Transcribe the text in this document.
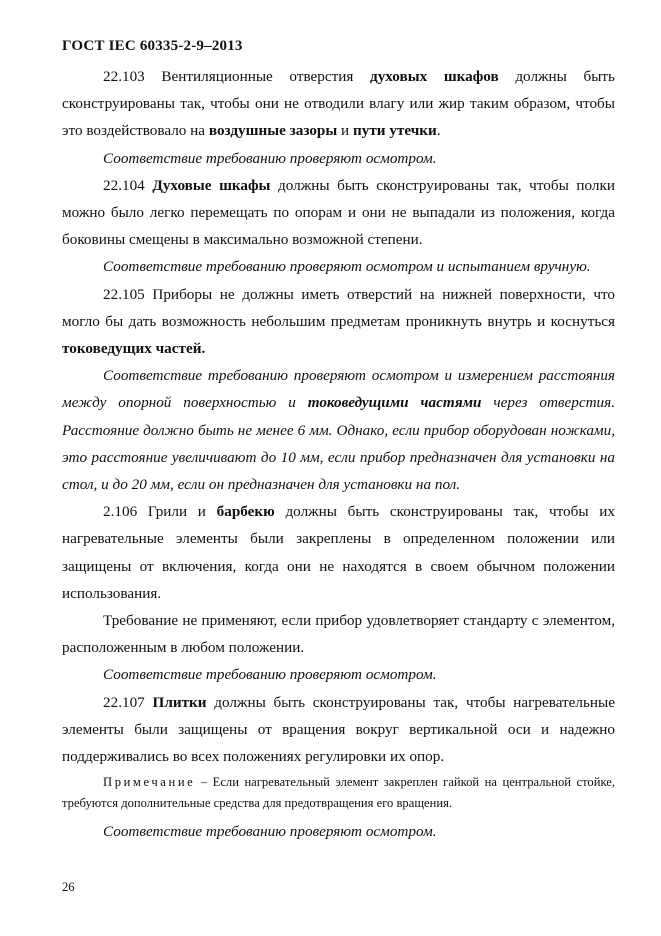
ГОСТ IEC 60335-2-9–2013

22.103 Вентиляционные отверстия духовых шкафов должны быть сконструированы так, чтобы они не отводили влагу или жир таким образом, чтобы это воздействовало на воздушные зазоры и пути утечки.

Соответствие требованию проверяют осмотром.

22.104 Духовые шкафы должны быть сконструированы так, чтобы полки можно было легко перемещать по опорам и они не выпадали из положения, когда боковины смещены в максимально возможной степени.

Соответствие требованию проверяют осмотром и испытанием вручную.

22.105 Приборы не должны иметь отверстий на нижней поверхности, что могло бы дать возможность небольшим предметам проникнуть внутрь и коснуться токоведущих частей.

Соответствие требованию проверяют осмотром и измерением расстояния между опорной поверхностью и токоведущими частями через отверстия. Расстояние должно быть не менее 6 мм. Однако, если прибор оборудован ножками, это расстояние увеличивают до 10 мм, если прибор предназначен для установки на стол, и до 20 мм, если он предназначен для установки на пол.

2.106 Грили и барбекю должны быть сконструированы так, чтобы их нагревательные элементы были закреплены в определенном положении или защищены от включения, когда они не находятся в своем обычном положении использования.

Требование не применяют, если прибор удовлетворяет стандарту с элементом, расположенным в любом положении.

Соответствие требованию проверяют осмотром.

22.107 Плитки должны быть сконструированы так, чтобы нагревательные элементы были защищены от вращения вокруг вертикальной оси и надежно поддерживались во всех положениях регулировки их опор.

Примечание – Если нагревательный элемент закреплен гайкой на центральной стойке, требуются дополнительные средства для предотвращения его вращения.

Соответствие требованию проверяют осмотром.

26
